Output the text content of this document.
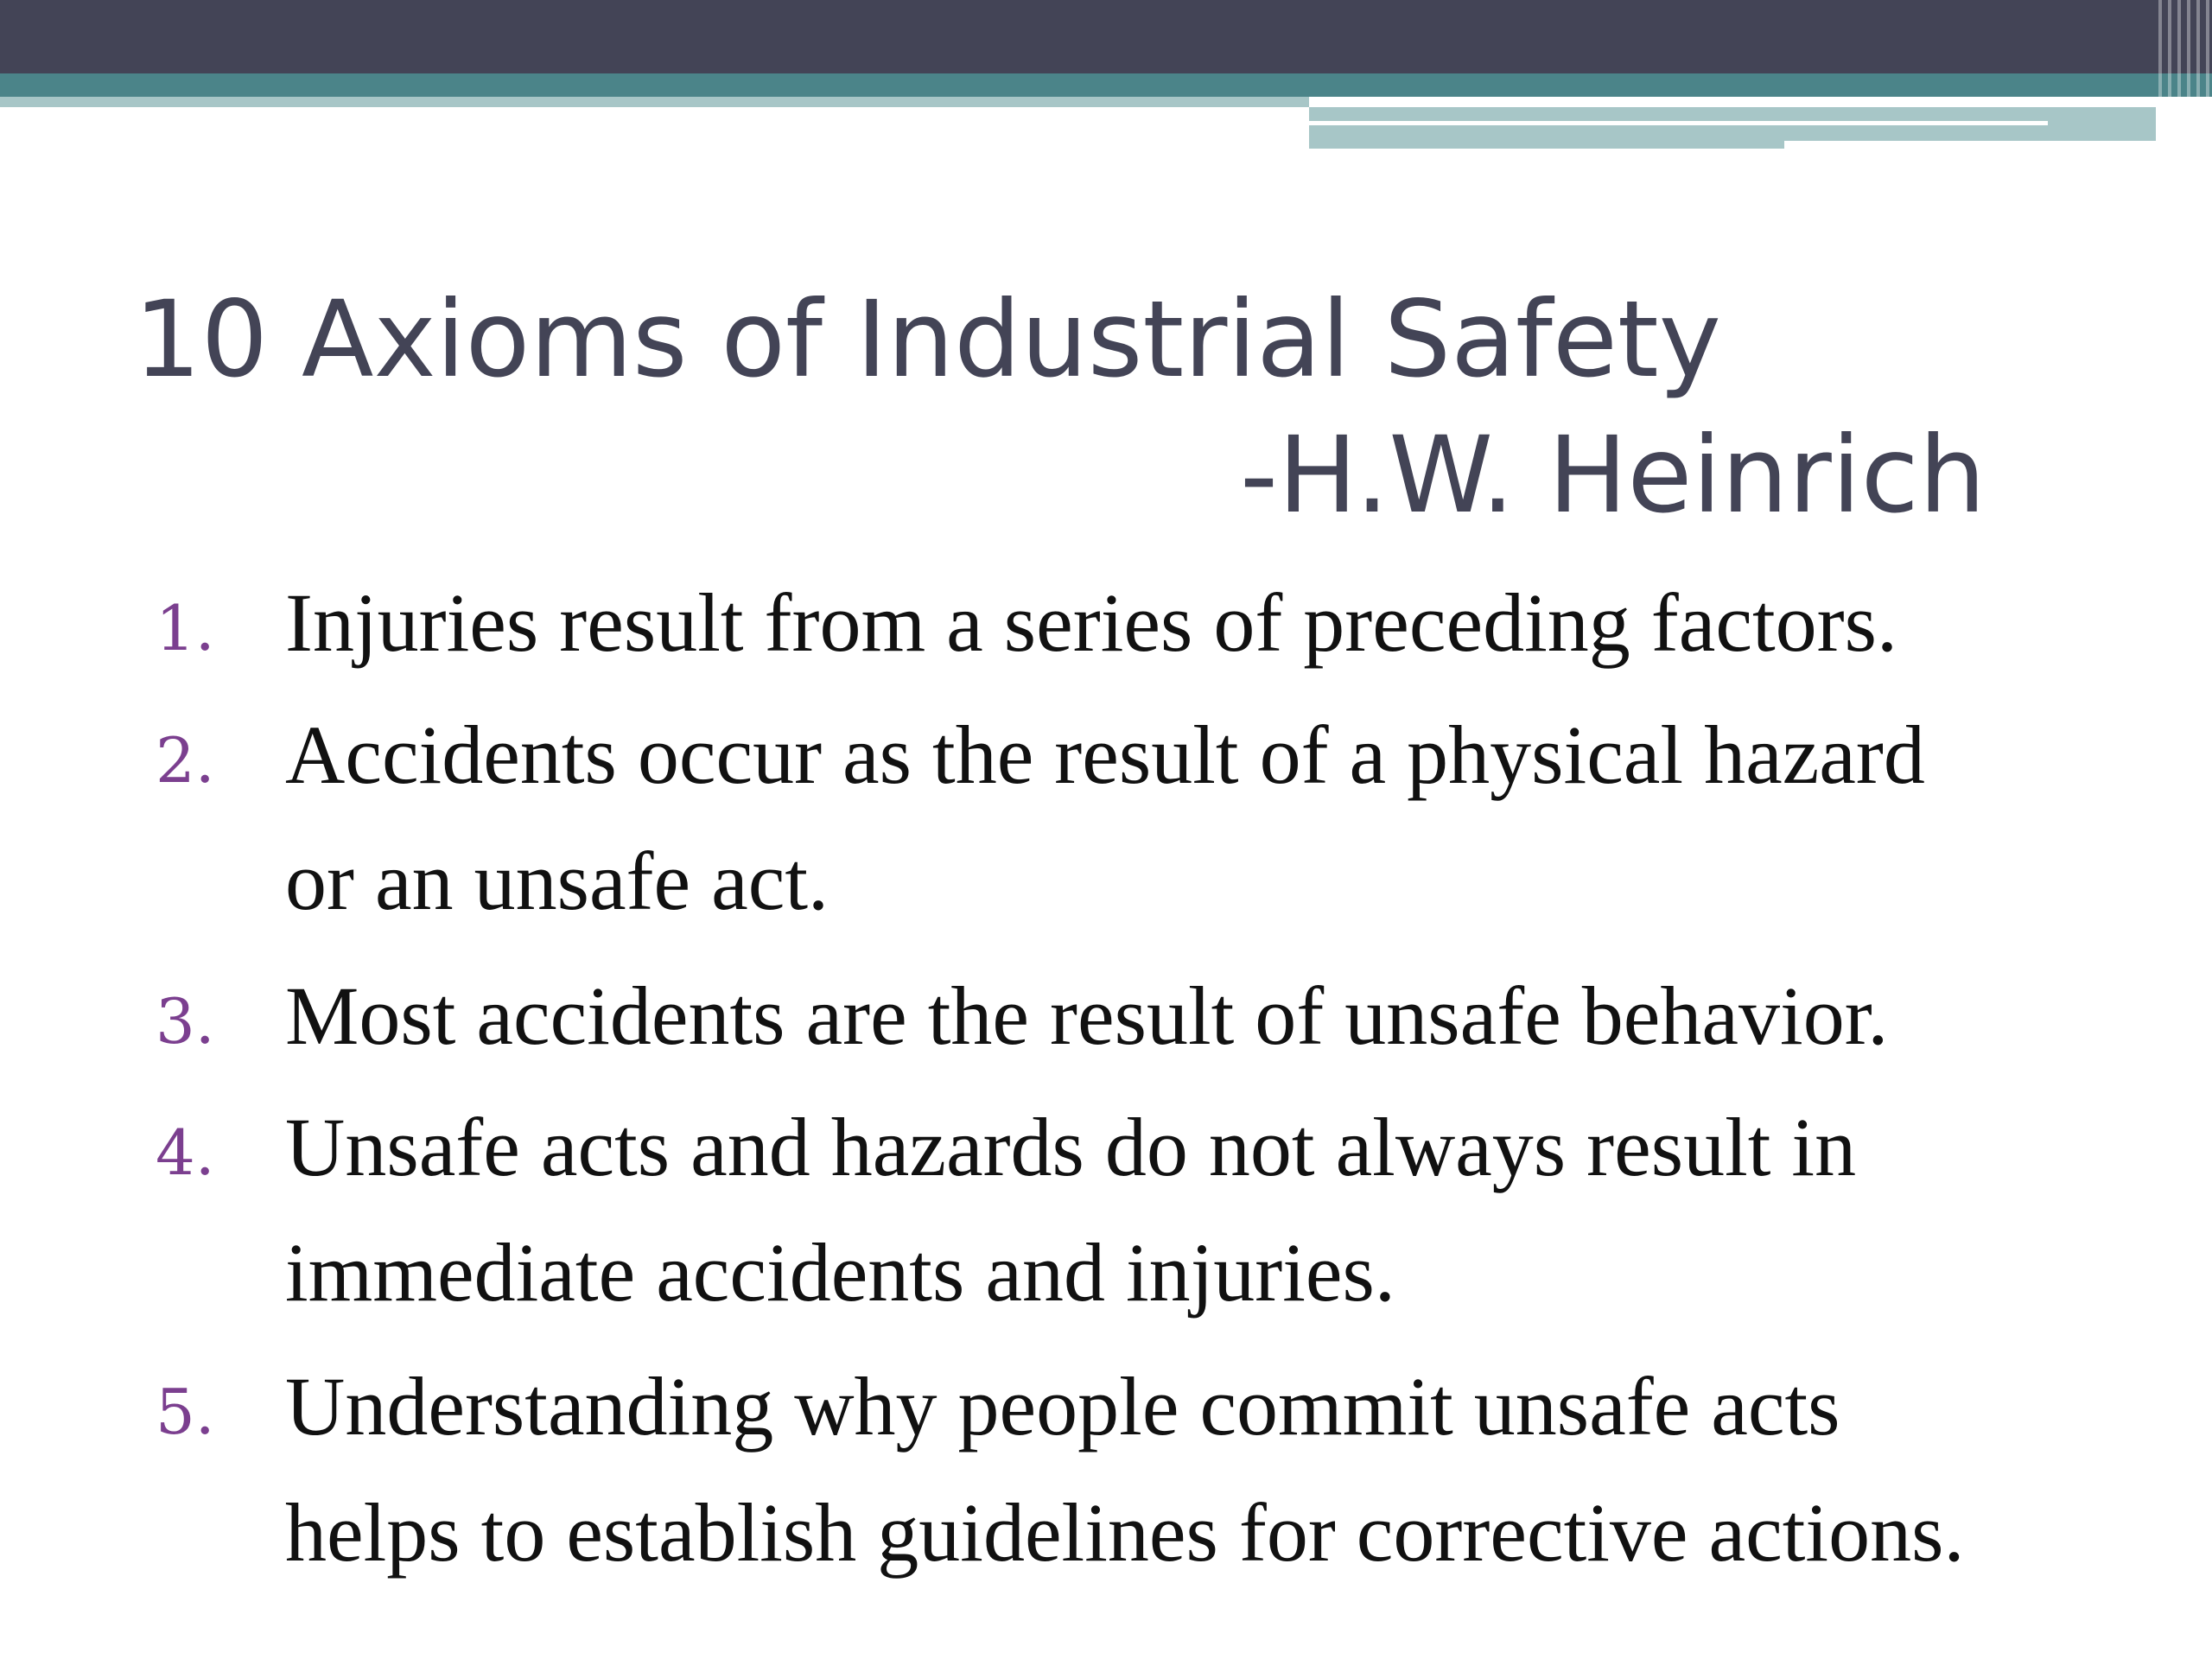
10 Axioms of Industrial Safety
-H.W. Heinrich
1. Injuries result from a series of preceding factors.
2. Accidents occur as the result of a physical hazard
or an unsafe act.
3. Most accidents are the result of unsafe behavior.
4. Unsafe acts and hazards do not always result in
immediate accidents and injuries.
5. Understanding why people commit unsafe acts
helps to establish guidelines for corrective actions.
